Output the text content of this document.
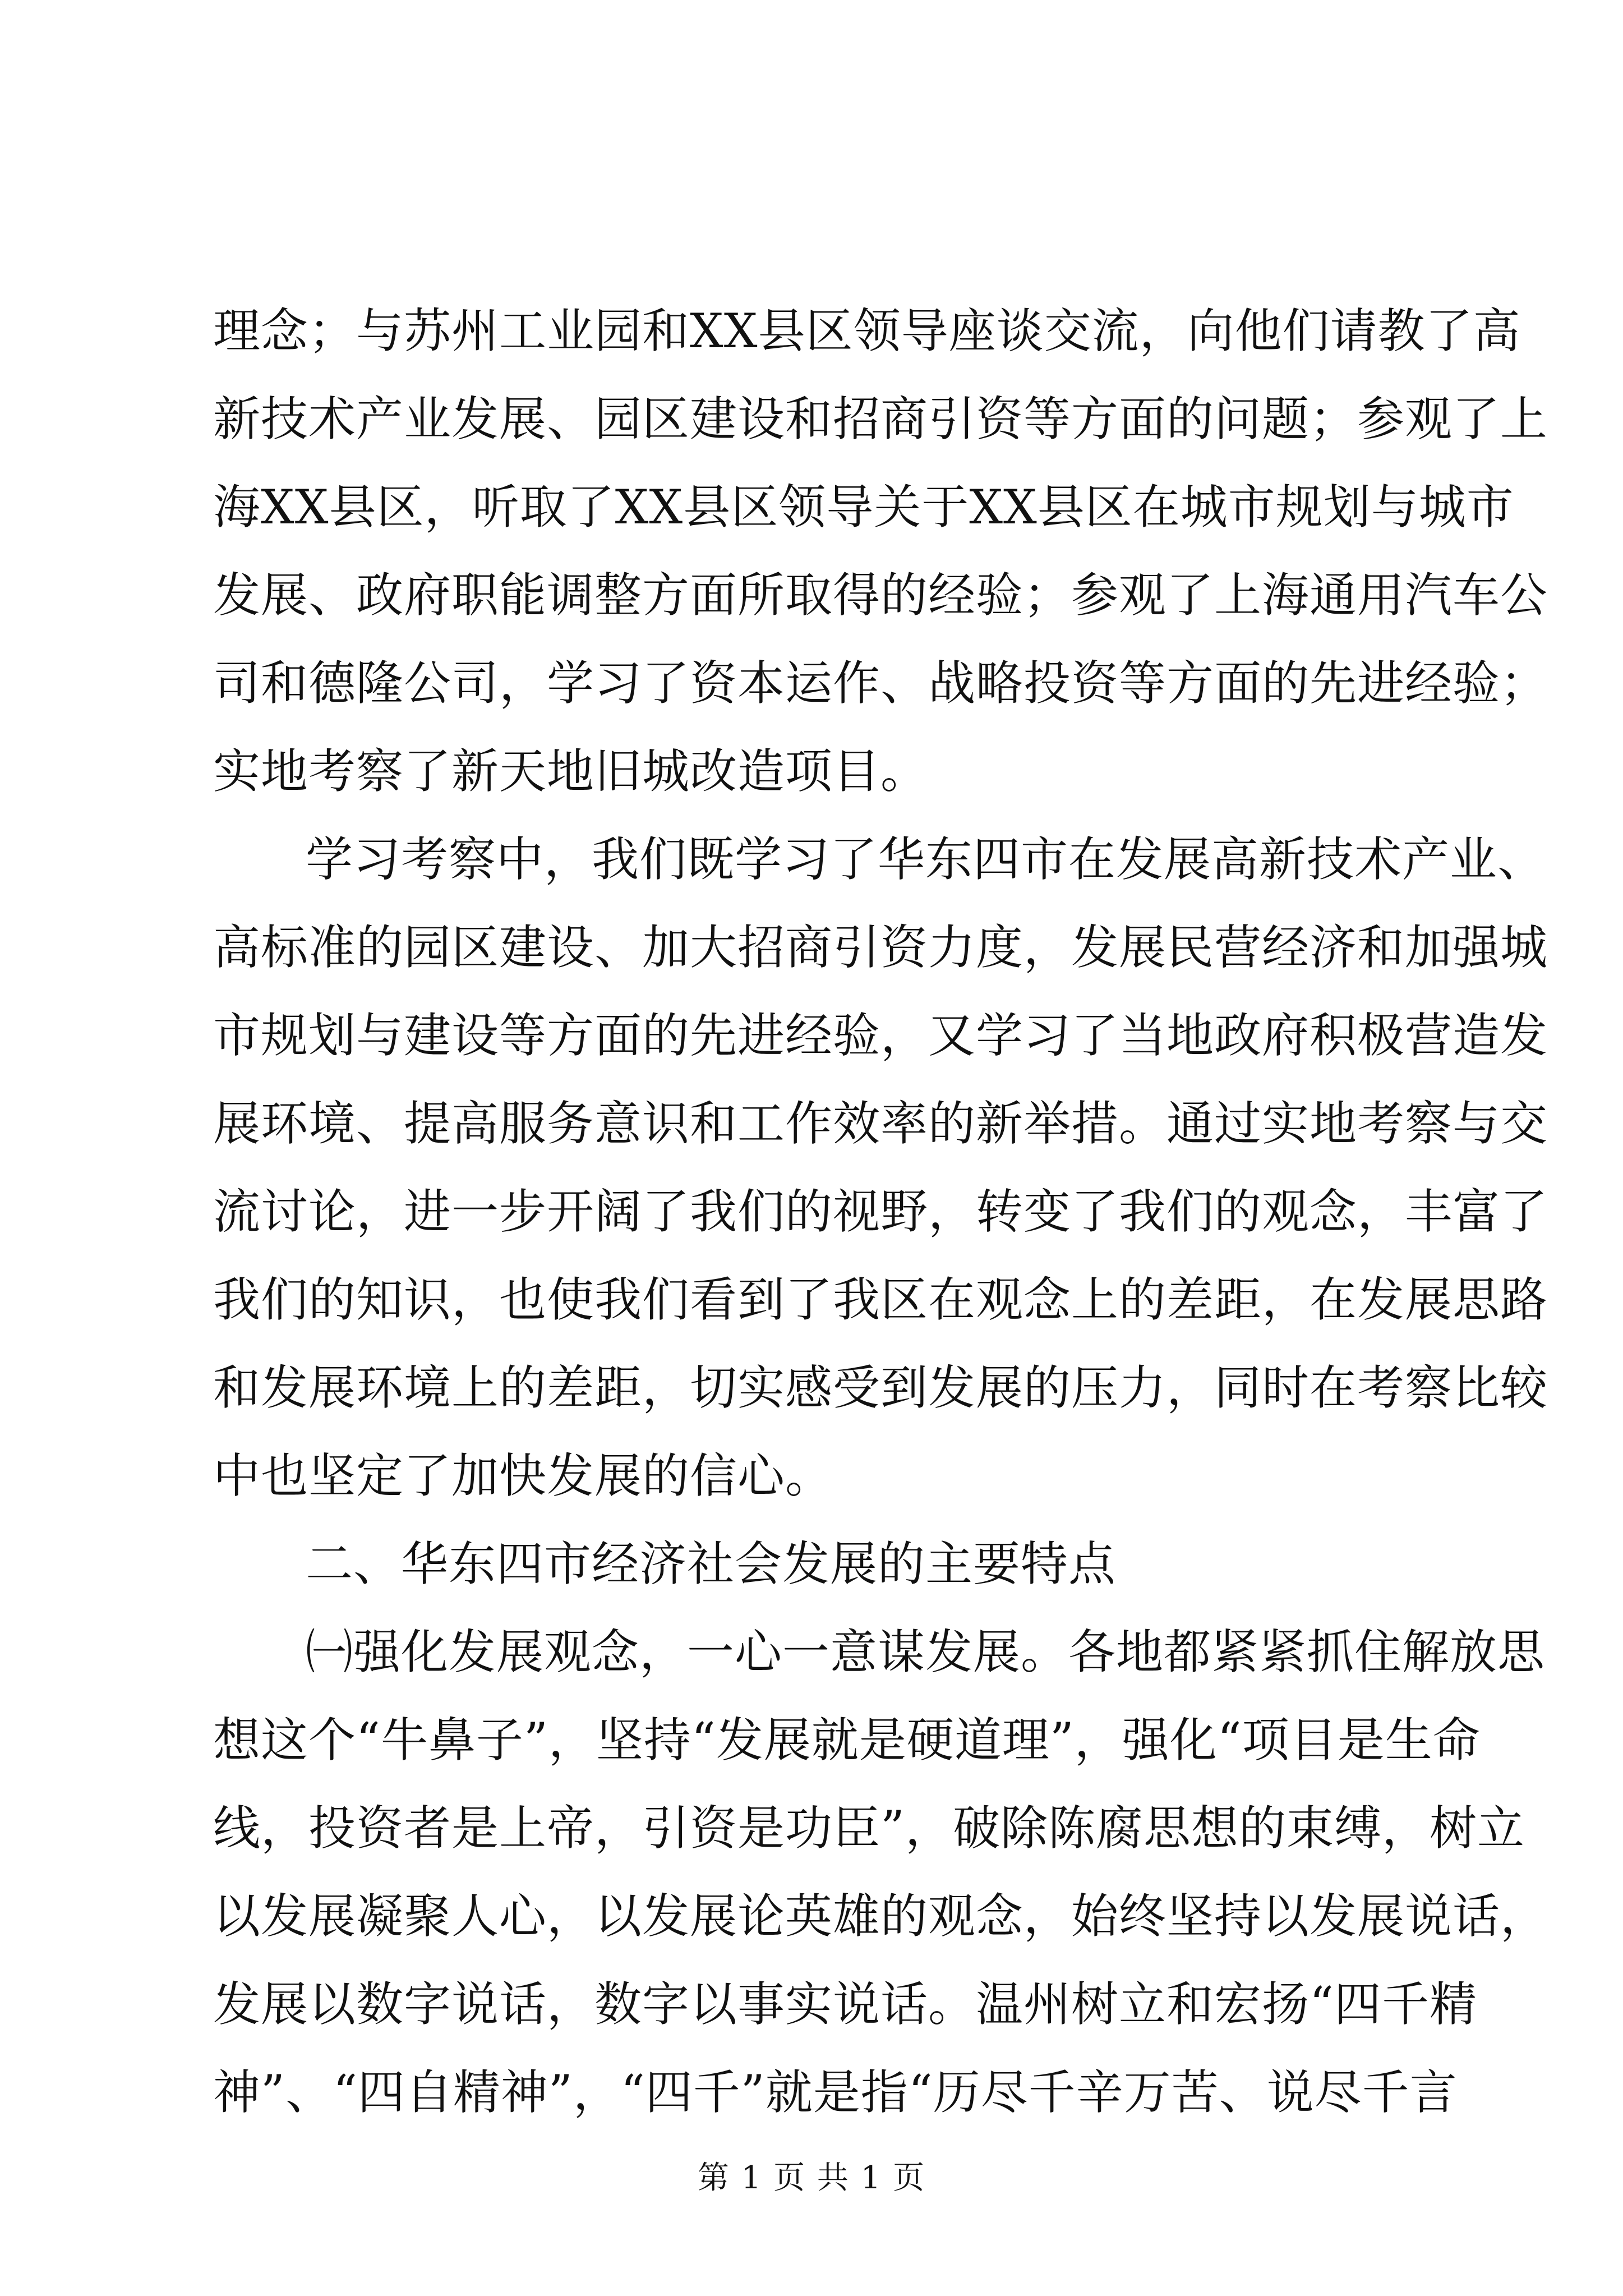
理念；与苏州工业园和XX县区领导座谈交流，向他们请教了高
新技术产业发展、园区建设和招商引资等方面的问题；参观了上
海XX县区，听取了XX县区领导关于XX县区在城市规划与城市
发展、政府职能调整方面所取得的经验；参观了上海通用汽车公
司和德隆公司，学习了资本运作、战略投资等方面的先进经验；
实地考察了新天地旧城改造项目。
学习考察中，我们既学习了华东四市在发展高新技术产业、
高标准的园区建设、加大招商引资力度，发展民营经济和加强城
市规划与建设等方面的先进经验，又学习了当地政府积极营造发
展环境、提高服务意识和工作效率的新举措。通过实地考察与交
流讨论，进一步开阔了我们的视野，转变了我们的观念，丰富了
我们的知识，也使我们看到了我区在观念上的差距，在发展思路
和发展环境上的差距，切实感受到发展的压力，同时在考察比较
中也坚定了加快发展的信心。
二、华东四市经济社会发展的主要特点
㈠强化发展观念，一心一意谋发展。各地都紧紧抓住解放思
想这个“牛鼻子”，坚持“发展就是硬道理”，强化“项目是生命
线，投资者是上帝，引资是功臣”，破除陈腐思想的束缚，树立
以发展凝聚人心，以发展论英雄的观念，始终坚持以发展说话，
发展以数字说话，数字以事实说话。温州树立和宏扬“四千精
神”、“四自精神”，“四千”就是指“历尽千辛万苦、说尽千言
第 1 页 共 1 页
